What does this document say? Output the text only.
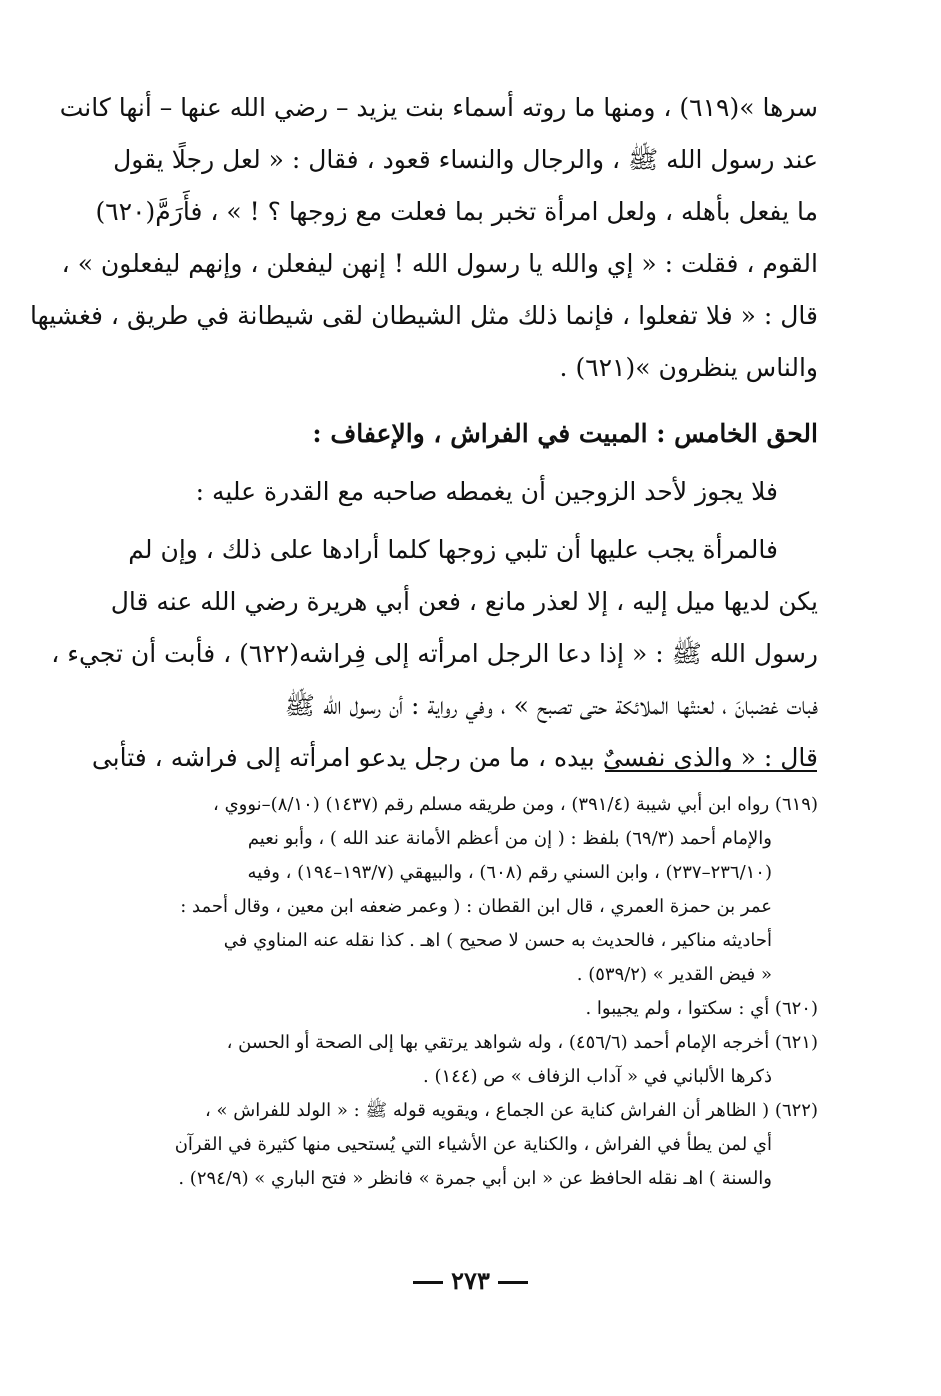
سرها »(٦١٩) ، ومنها ما روته أسماء بنت يزيد – رضي الله عنها – أنها كانت
عند رسول الله ﷺ ، والرجال والنساء قعود ، فقال : « لعل رجلًا يقول
ما يفعل بأهله ، ولعل امرأة تخبر بما فعلت مع زوجها ؟ ! » ، فأَرَمَّ(٦٢٠)
القوم ، فقلت : « إي والله يا رسول الله ! إنهن ليفعلن ، وإنهم ليفعلون » ،
قال : « فلا تفعلوا ، فإنما ذلك مثل الشيطان لقى شيطانة في طريق ، فغشيها
والناس ينظرون »(٦٢١) .
الحق الخامس : المبيت في الفراش ، والإعفاف :
فلا يجوز لأحد الزوجين أن يغمطه صاحبه مع القدرة عليه :
فالمرأة يجب عليها أن تلبي زوجها كلما أرادها على ذلك ، وإن لم
يكن لديها ميل إليه ، إلا لعذر مانع ، فعن أبي هريرة رضي الله عنه قال
رسول الله ﷺ : « إذا دعا الرجل امرأته إلى فِراشه(٦٢٢) ، فأبت أن تجيء ،
فبات غضبانَ ، لعنتْها الملائكة حتى تصبح » ، وفي رواية : أن رسول الله ﷺ
قال : « والذي نفسيٌ بيده ، ما من رجل يدعو امرأته إلى فراشه ، فتأبى
(٦١٩) رواه ابن أبي شيبة (٣٩١/٤) ، ومن طريقه مسلم رقم (١٤٣٧) (٨/١٠)–نووي ،
والإمام أحمد (٦٩/٣) بلفظ : ( إن من أعظم الأمانة عند الله ) ، وأبو نعيم
(٢٣٦/١٠–٢٣٧) ، وابن السني رقم (٦٠٨) ، والبيهقي (١٩٣/٧–١٩٤) ، وفيه
عمر بن حمزة العمري ، قال ابن القطان : ( وعمر ضعفه ابن معين ، وقال أحمد :
أحاديثه مناكير ، فالحديث به حسن لا صحيح ) اهـ . كذا نقله عنه المناوي في
« فيض القدير » (٥٣٩/٢) .
(٦٢٠) أي : سكتوا ، ولم يجيبوا .
(٦٢١) أخرجه الإمام أحمد (٤٥٦/٦) ، وله شواهد يرتقي بها إلى الصحة أو الحسن ،
ذكرها الألباني في « آداب الزفاف » ص (١٤٤) .
(٦٢٢) ( الظاهر أن الفراش كناية عن الجماع ، ويقويه قوله ﷺ : « الولد للفراش » ،
أي لمن يطأ في الفراش ، والكناية عن الأشياء التي يُستحيى منها كثيرة في القرآن
والسنة ) اهـ نقله الحافظ عن « ابن أبي جمرة » فانظر « فتح الباري » (٢٩٤/٩) .
٢٧٣
